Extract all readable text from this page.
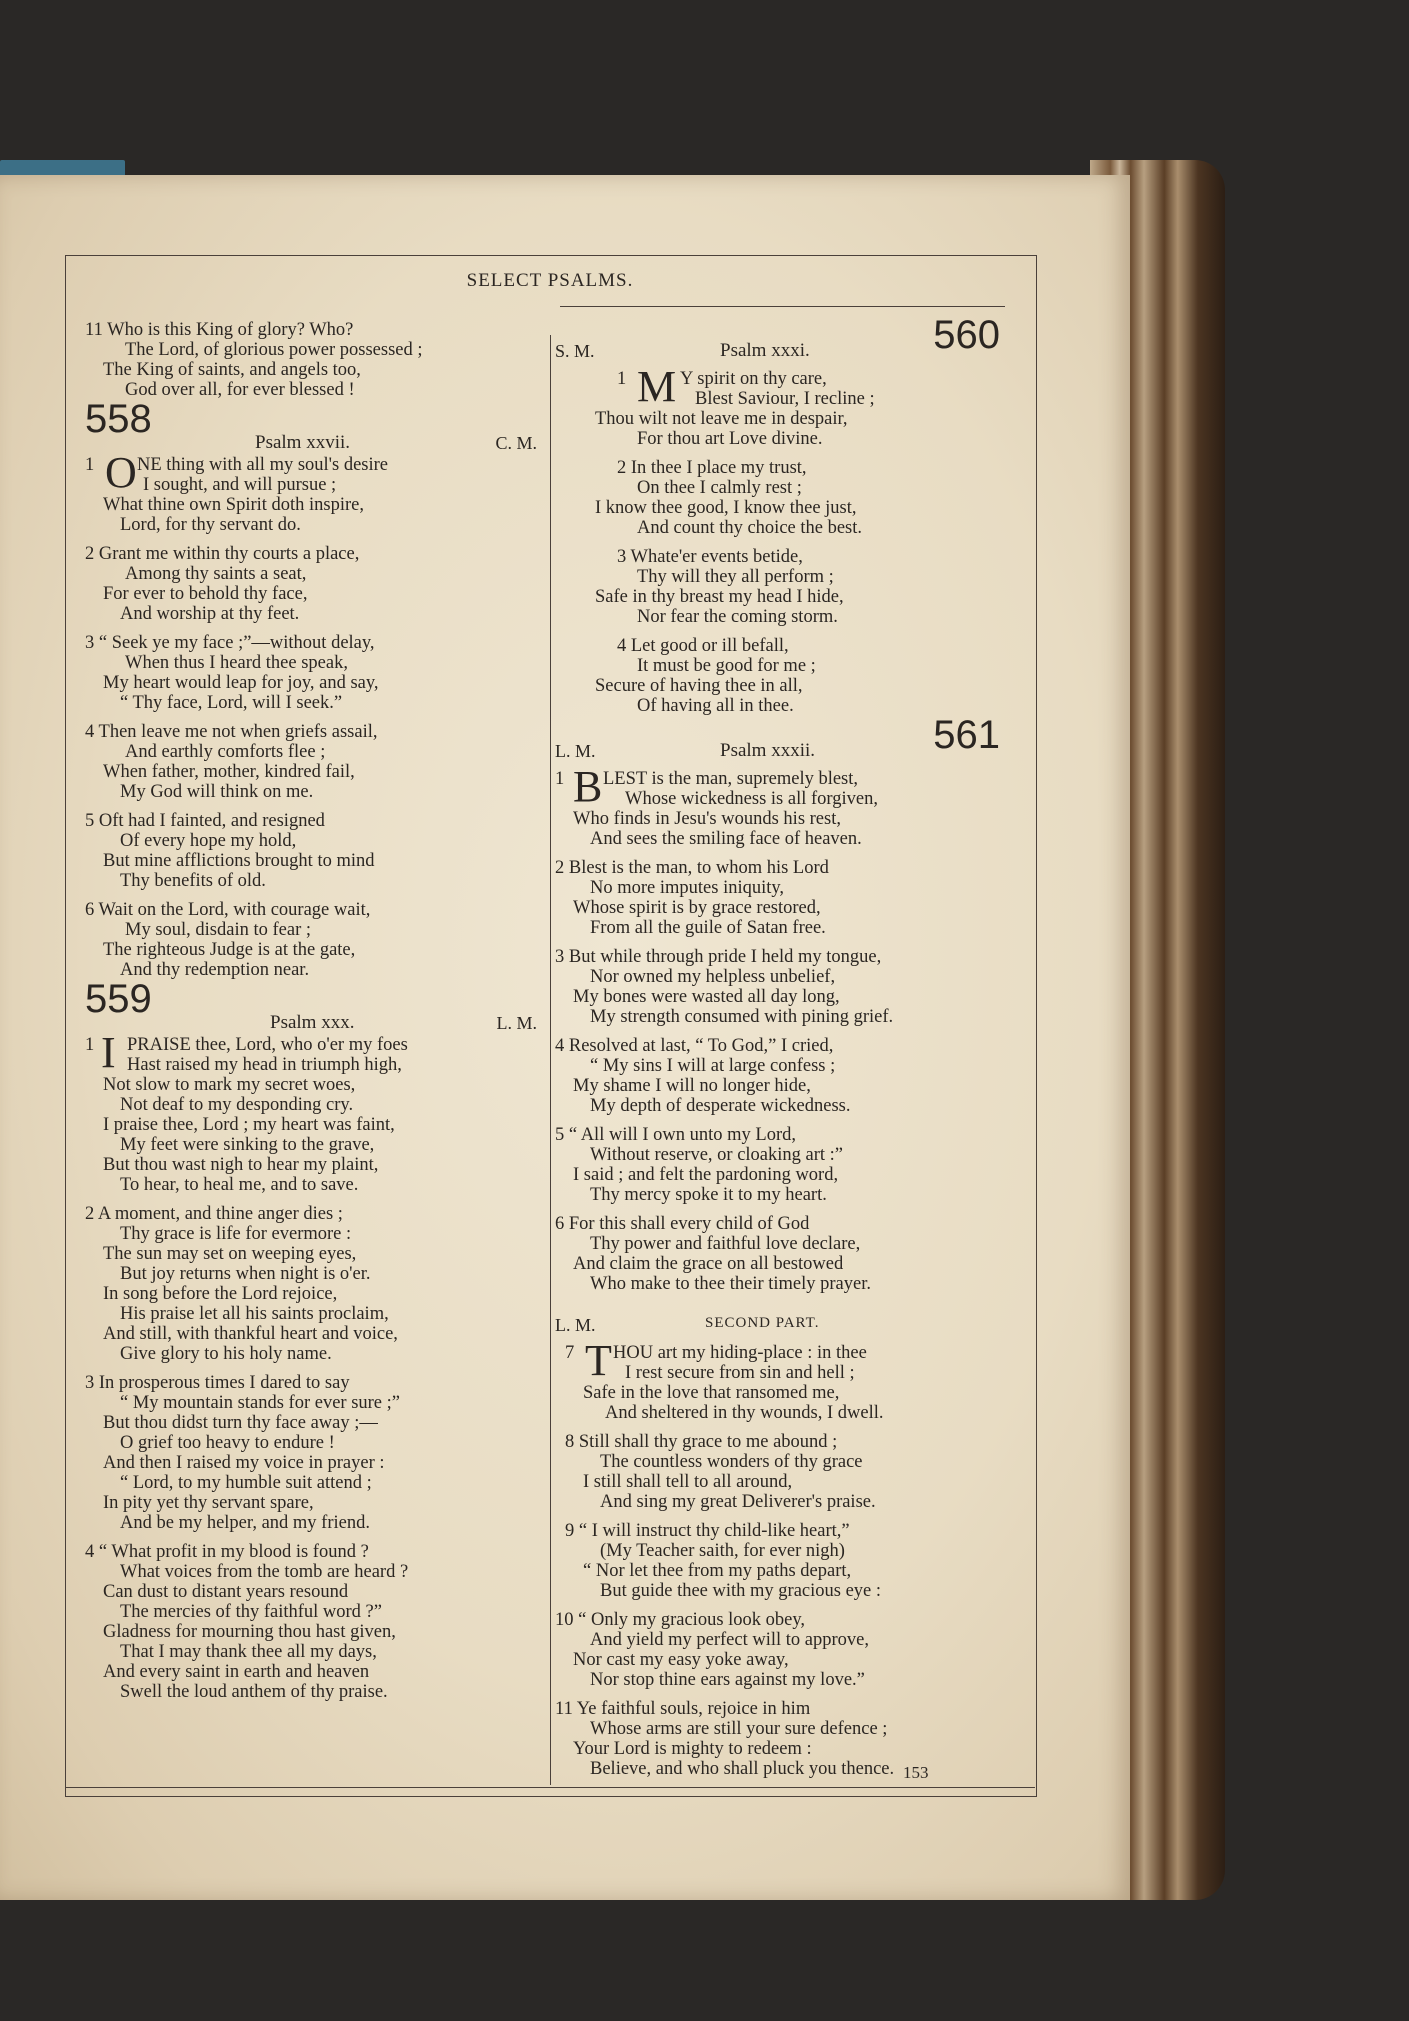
SELECT PSALMS.
11 Who is this King of glory? Who?
The Lord, of glorious power possessed ;
The King of saints, and angels too,
God over all, for ever blessed !
558
Psalm xxvii.	C. M.
1 O NE thing with all my soul's desire
I sought, and will pursue ;
What thine own Spirit doth inspire,
Lord, for thy servant do.
2 Grant me within thy courts a place,
Among thy saints a seat,
For ever to behold thy face,
And worship at thy feet.
3 “ Seek ye my face ;”—without delay,
When thus I heard thee speak,
My heart would leap for joy, and say,
“ Thy face, Lord, will I seek.”
4 Then leave me not when griefs assail,
And earthly comforts flee ;
When father, mother, kindred fail,
My God will think on me.
5 Oft had I fainted, and resigned
Of every hope my hold,
But mine afflictions brought to mind
Thy benefits of old.
6 Wait on the Lord, with courage wait,
My soul, disdain to fear ;
The righteous Judge is at the gate,
And thy redemption near.
559
Psalm xxx.	L. M.
1 I PRAISE thee, Lord, who o'er my foes
Hast raised my head in triumph high,
Not slow to mark my secret woes,
Not deaf to my desponding cry.
I praise thee, Lord ; my heart was faint,
My feet were sinking to the grave,
But thou wast nigh to hear my plaint,
To hear, to heal me, and to save.
2 A moment, and thine anger dies ;
Thy grace is life for evermore :
The sun may set on weeping eyes,
But joy returns when night is o'er.
In song before the Lord rejoice,
His praise let all his saints proclaim,
And still, with thankful heart and voice,
Give glory to his holy name.
3 In prosperous times I dared to say
“ My mountain stands for ever sure ;”
But thou didst turn thy face away ;—
O grief too heavy to endure !
And then I raised my voice in prayer :
“ Lord, to my humble suit attend ;
In pity yet thy servant spare,
And be my helper, and my friend.
4 “ What profit in my blood is found ?
What voices from the tomb are heard ?
Can dust to distant years resound
The mercies of thy faithful word ?”
Gladness for mourning thou hast given,
That I may thank thee all my days,
And every saint in earth and heaven
Swell the loud anthem of thy praise.
S. M.	Psalm xxxi.	560
1 M Y spirit on thy care,
Blest Saviour, I recline ;
Thou wilt not leave me in despair,
For thou art Love divine.
2 In thee I place my trust,
On thee I calmly rest ;
I know thee good, I know thee just,
And count thy choice the best.
3 Whate'er events betide,
Thy will they all perform ;
Safe in thy breast my head I hide,
Nor fear the coming storm.
4 Let good or ill befall,
It must be good for me ;
Secure of having thee in all,
Of having all in thee.
L. M.	Psalm xxxii.	561
1 B LEST is the man, supremely blest,
Whose wickedness is all forgiven,
Who finds in Jesu's wounds his rest,
And sees the smiling face of heaven.
2 Blest is the man, to whom his Lord
No more imputes iniquity,
Whose spirit is by grace restored,
From all the guile of Satan free.
3 But while through pride I held my tongue,
Nor owned my helpless unbelief,
My bones were wasted all day long,
My strength consumed with pining grief.
4 Resolved at last, “ To God,” I cried,
“ My sins I will at large confess ;
My shame I will no longer hide,
My depth of desperate wickedness.
5 “ All will I own unto my Lord,
Without reserve, or cloaking art :”
I said ; and felt the pardoning word,
Thy mercy spoke it to my heart.
6 For this shall every child of God
Thy power and faithful love declare,
And claim the grace on all bestowed
Who make to thee their timely prayer.
L. M.	SECOND PART.
7 T HOU art my hiding-place : in thee
I rest secure from sin and hell ;
Safe in the love that ransomed me,
And sheltered in thy wounds, I dwell.
8 Still shall thy grace to me abound ;
The countless wonders of thy grace
I still shall tell to all around,
And sing my great Deliverer's praise.
9 “ I will instruct thy child-like heart,”
(My Teacher saith, for ever nigh)
“ Nor let thee from my paths depart,
But guide thee with my gracious eye :
10 “ Only my gracious look obey,
And yield my perfect will to approve,
Nor cast my easy yoke away,
Nor stop thine ears against my love.”
11 Ye faithful souls, rejoice in him
Whose arms are still your sure defence ;
Your Lord is mighty to redeem :
Believe, and who shall pluck you thence. 153
